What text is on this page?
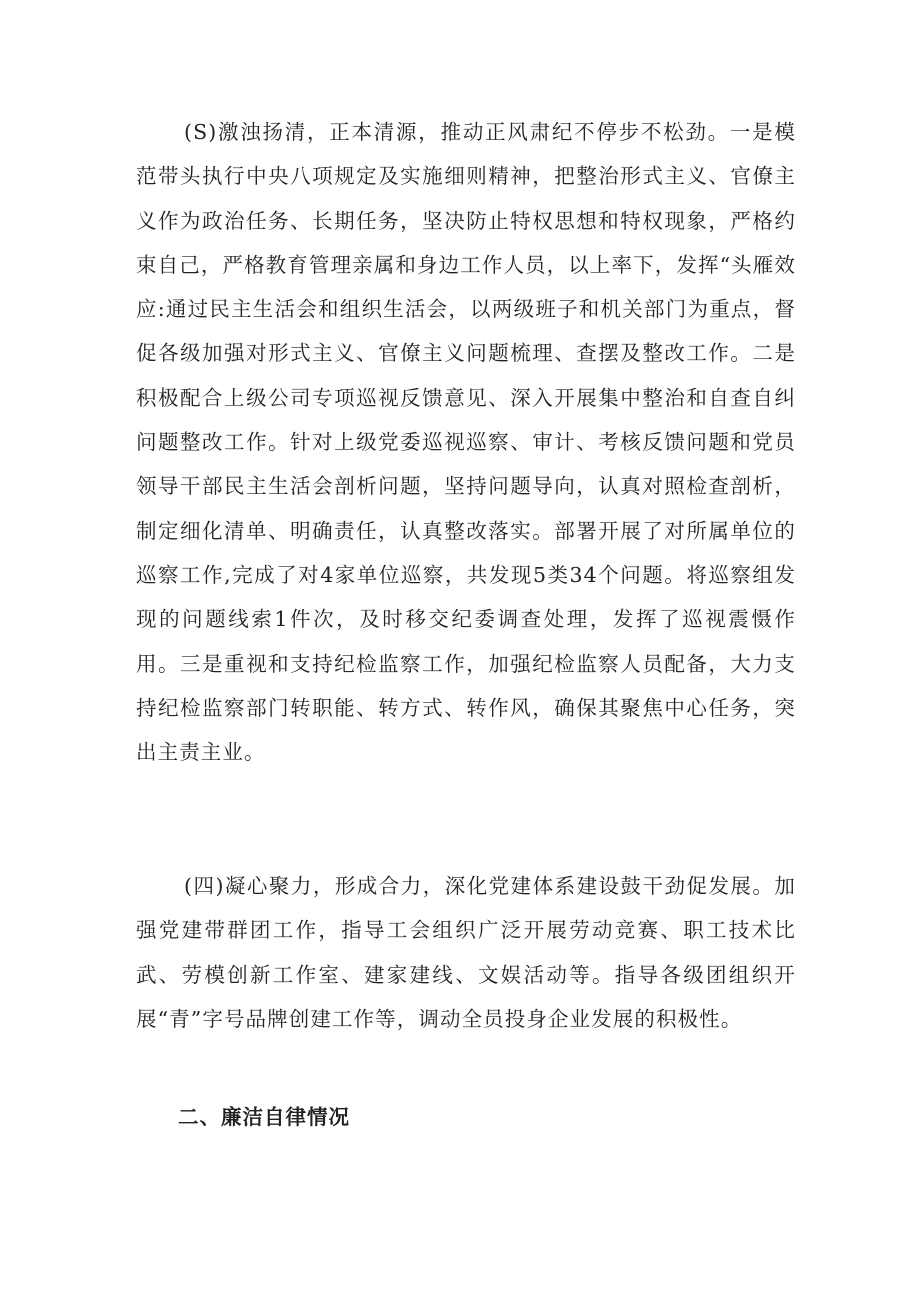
(S)激浊扬清，正本清源，推动正风肃纪不停步不松劲。一是模范带头执行中央八项规定及实施细则精神，把整治形式主义、官僚主义作为政治任务、长期任务，坚决防止特权思想和特权现象，严格约束自己，严格教育管理亲属和身边工作人员，以上率下，发挥“头雁效应:通过民主生活会和组织生活会，以两级班子和机关部门为重点，督促各级加强对形式主义、官僚主义问题梳理、查摆及整改工作。二是积极配合上级公司专项巡视反馈意见、深入开展集中整治和自查自纠问题整改工作。针对上级党委巡视巡察、审计、考核反馈问题和党员领导干部民主生活会剖析问题，坚持问题导向，认真对照检查剖析，制定细化清单、明确责任，认真整改落实。部署开展了对所属单位的巡察工作,完成了对4家单位巡察，共发现5类34个问题。将巡察组发现的问题线索1件次，及时移交纪委调查处理，发挥了巡视震慑作用。三是重视和支持纪检监察工作，加强纪检监察人员配备，大力支持纪检监察部门转职能、转方式、转作风，确保其聚焦中心任务，突出主责主业。

(四)凝心聚力，形成合力，深化党建体系建设鼓干劲促发展。加强党建带群团工作，指导工会组织广泛开展劳动竞赛、职工技术比武、劳模创新工作室、建家建线、文娱活动等。指导各级团组织开展“青”字号品牌创建工作等，调动全员投身企业发展的积极性。

二、廉洁自律情况
